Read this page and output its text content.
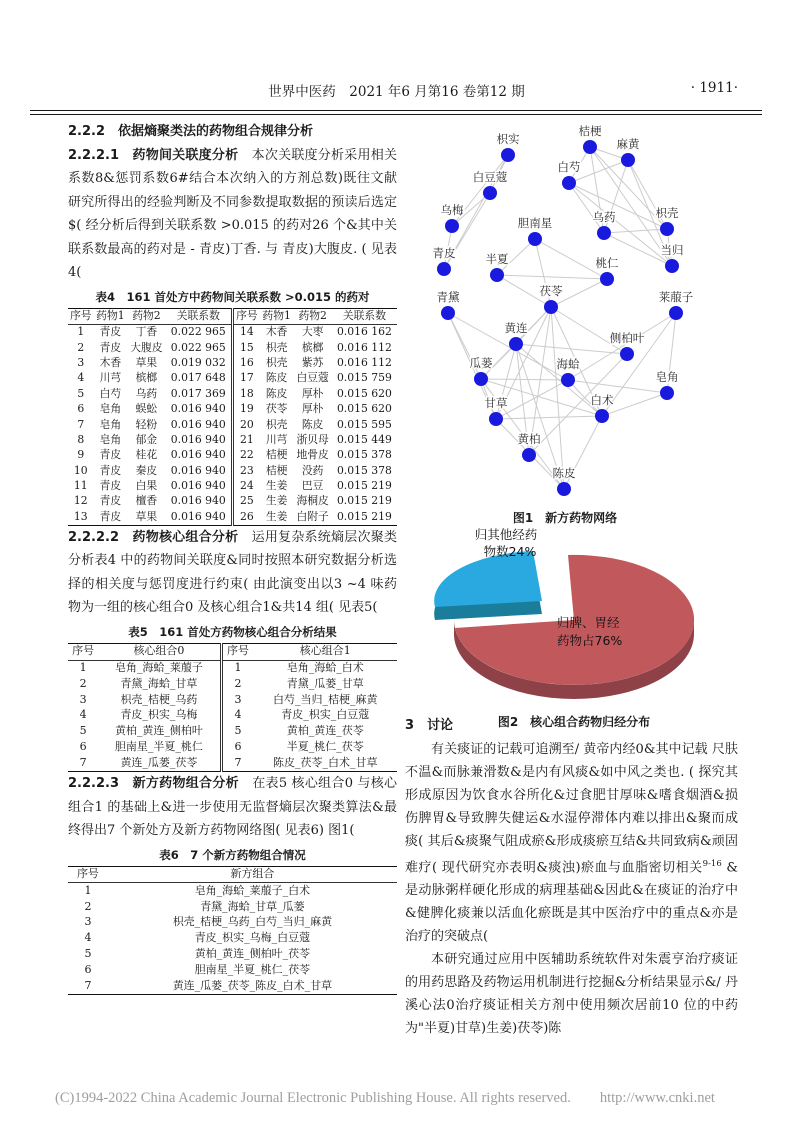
世界中医药　2021 年6 月第16 卷第12 期	· 1911·
2.2.2　依据熵聚类法的药物组合规律分析

2.2.2.1　药物间关联度分析　本次关联度分析采用相关系数8&惩罚系数6#结合本次纳入的方剂总数)既往文献研究所得出的经验判断及不同参数提取数据的预读后选定$( 经分析后得到关联系数 >0.015 的药对26 个&其中关联系数最高的药对是 - 青皮)丁香. 与 青皮)大腹皮. ( 见表4(

表4　161 首处方中药物间关联系数 >0.015 的药对
序号	药物1	药物2	关联系数	序号	药物1	药物2	关联系数
1	青皮	丁香	0.022 965	14	木香	大枣	0.016 162
2	青皮	大腹皮	0.022 965	15	枳壳	槟榔	0.016 112
3	木香	草果	0.019 032	16	枳壳	紫苏	0.016 112
4	川芎	槟榔	0.017 648	17	陈皮	白豆蔻	0.015 759
5	白芍	乌药	0.017 369	18	陈皮	厚朴	0.015 620
6	皂角	蜈蚣	0.016 940	19	茯苓	厚朴	0.015 620
7	皂角	轻粉	0.016 940	20	枳壳	陈皮	0.015 595
8	皂角	郁金	0.016 940	21	川芎	浙贝母	0.015 449
9	青皮	桂花	0.016 940	22	桔梗	地骨皮	0.015 378
10	青皮	秦皮	0.016 940	23	桔梗	没药	0.015 378
11	青皮	白果	0.016 940	24	生姜	巴豆	0.015 219
12	青皮	檀香	0.016 940	25	生姜	海桐皮	0.015 219
13	青皮	草果	0.016 940	26	生姜	白附子	0.015 219

2.2.2.2　药物核心组合分析　运用复杂系统熵层次聚类分析表4 中的药物间关联度&同时按照本研究数据分析选择的相关度与惩罚度进行约束( 由此演变出以3 ~4 味药物为一组的核心组合0 及核心组合1&共14 组( 见表5(

表5　161 首处方药物核心组合分析结果
序号	核心组合0	序号	核心组合1
1	皂角_海蛤_莱菔子	1	皂角_海蛤_白术
2	青黛_海蛤_甘草	2	青黛_瓜蒌_甘草
3	枳壳_桔梗_乌药	3	白芍_当归_桔梗_麻黄
4	青皮_枳实_乌梅	4	青皮_枳实_白豆蔻
5	黄柏_黄连_侧柏叶	5	黄柏_黄连_茯苓
6	胆南星_半夏_桃仁	6	半夏_桃仁_茯苓
7	黄连_瓜蒌_茯苓	7	陈皮_茯苓_白术_甘草

2.2.2.3　新方药物组合分析　在表5 核心组合0 与核心组合1 的基础上&进一步使用无监督熵层次聚类算法&最终得出7 个新处方及新方药物网络图( 见表6) 图1(

表6　7 个新方药物组合情况
序号	新方组合
1	皂角_海蛤_莱菔子_白术
2	青黛_海蛤_甘草_瓜蒌
3	枳壳_桔梗_乌药_白芍_当归_麻黄
4	青皮_枳实_乌梅_白豆蔻
5	黄柏_黄连_侧柏叶_茯苓
6	胆南星_半夏_桃仁_茯苓
7	黄连_瓜蒌_茯苓_陈皮_白术_甘草
枳实
桔梗
麻黄
白芍
白豆蔻
乌梅	乌药	枳壳
胆南星
当归
青皮	半夏	桃仁
青黛	茯苓	莱菔子
黄连
侧柏叶
瓜蒌	海蛤
皂角
甘草	白术
黄柏
陈皮
图1　新方药物网络
归其他经药
物数24%
归脾、胃经
药物占76%
图2　核心组合药物归经分布
3　讨论

有关痰证的记载可追溯至/ 黄帝内经0&其中记载 尺肤不温&而脉兼滑数&是内有风痰&如中风之类也. ( 探究其形成原因为饮食水谷所化&过食肥甘厚味&嗜食烟酒&损伤脾胃&导致脾失健运&水湿停滞体内难以排出&聚而成痰( 其后&痰聚气阻成瘀&形成痰瘀互结&共同致病&顽固难疗( 现代研究亦表明&痰浊)瘀血与血脂密切相关$^{9-16}$ &是动脉粥样硬化形成的病理基础&因此&在痰证的治疗中&健脾化痰兼以活血化瘀既是其中医治疗中的重点&亦是治疗的突破点(

本研究通过应用中医辅助系统软件对朱震亨治疗痰证的用药思路及药物运用机制进行挖掘&分析结果显示&/ 丹溪心法0治疗痰证相关方剂中使用频次居前10 位的中药为"半夏)甘草)生姜)茯苓)陈

(C)1994-2022 China Academic Journal Electronic Publishing House. All rights reserved.　　http://www.cnki.net
